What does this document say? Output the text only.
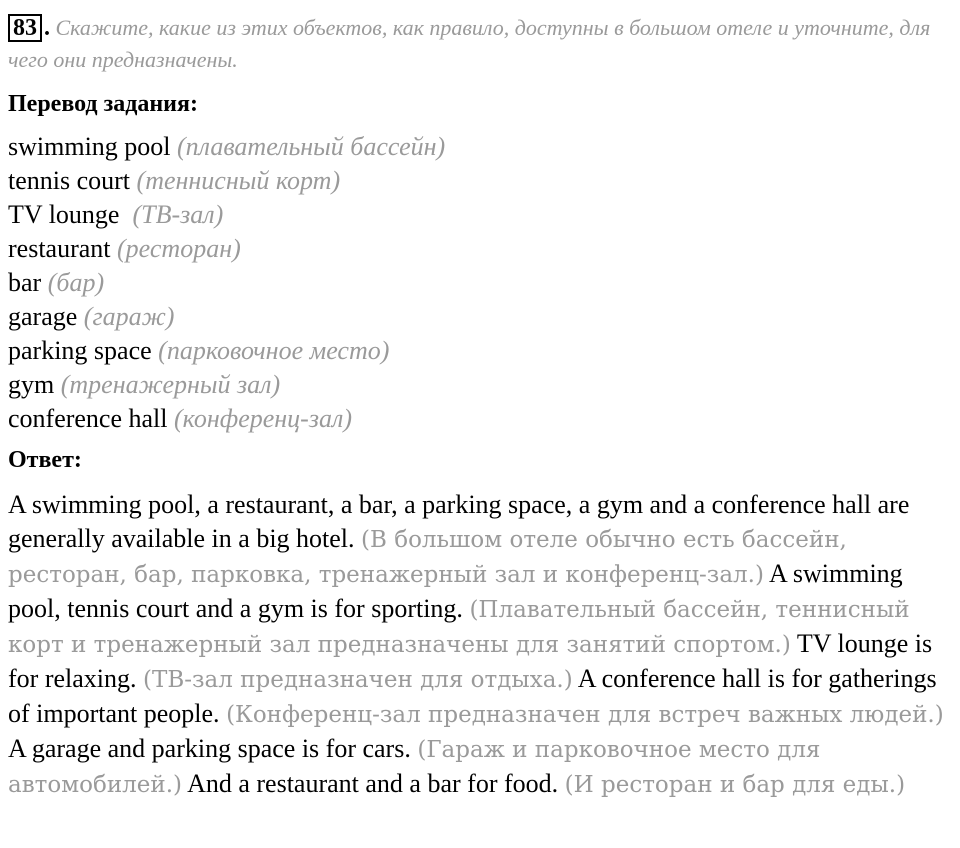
83 . Скажите, какие из этих объектов, как правило, доступны в большом отеле и уточните, для чего они предназначены.
Перевод задания:
swimming pool (плавательный бассейн)
tennis court (теннисный корт)
TV lounge (ТВ-зал)
restaurant (ресторан)
bar (бар)
garage (гараж)
parking space (парковочное место)
gym (тренажерный зал)
conference hall (конференц-зал)
Ответ:

A swimming pool, a restaurant, a bar, a parking space, a gym and a conference hall are generally available in a big hotel. (В большом отеле обычно есть бассейн, ресторан, бар, парковка, тренажерный зал и конференц-зал.) A swimming pool, tennis court and a gym is for sporting. (Плавательный бассейн, теннисный корт и тренажерный зал предназначены для занятий спортом.) TV lounge is for relaxing. (ТВ-зал предназначен для отдыха.) A conference hall is for gatherings of important people. (Конференц-зал предназначен для встреч важных людей.) A garage and parking space is for cars. (Гараж и парковочное место для автомобилей.) And a restaurant and a bar for food. (И ресторан и бар для еды.)
